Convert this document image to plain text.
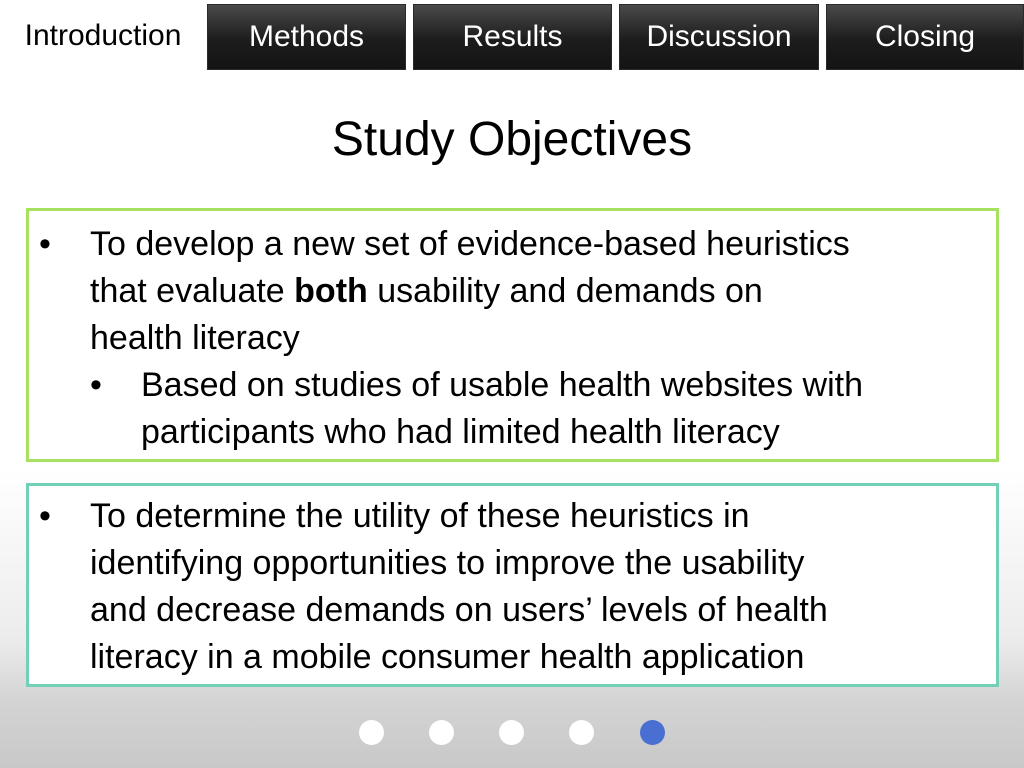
Introduction	Methods	Results	Discussion	Closing
Study Objectives
•	To develop a new set of evidence-based heuristics
that evaluate both usability and demands on
health literacy
•	Based on studies of usable health websites with
participants who had limited health literacy
•	To determine the utility of these heuristics in
identifying opportunities to improve the usability
and decrease demands on users’ levels of health
literacy in a mobile consumer health application
